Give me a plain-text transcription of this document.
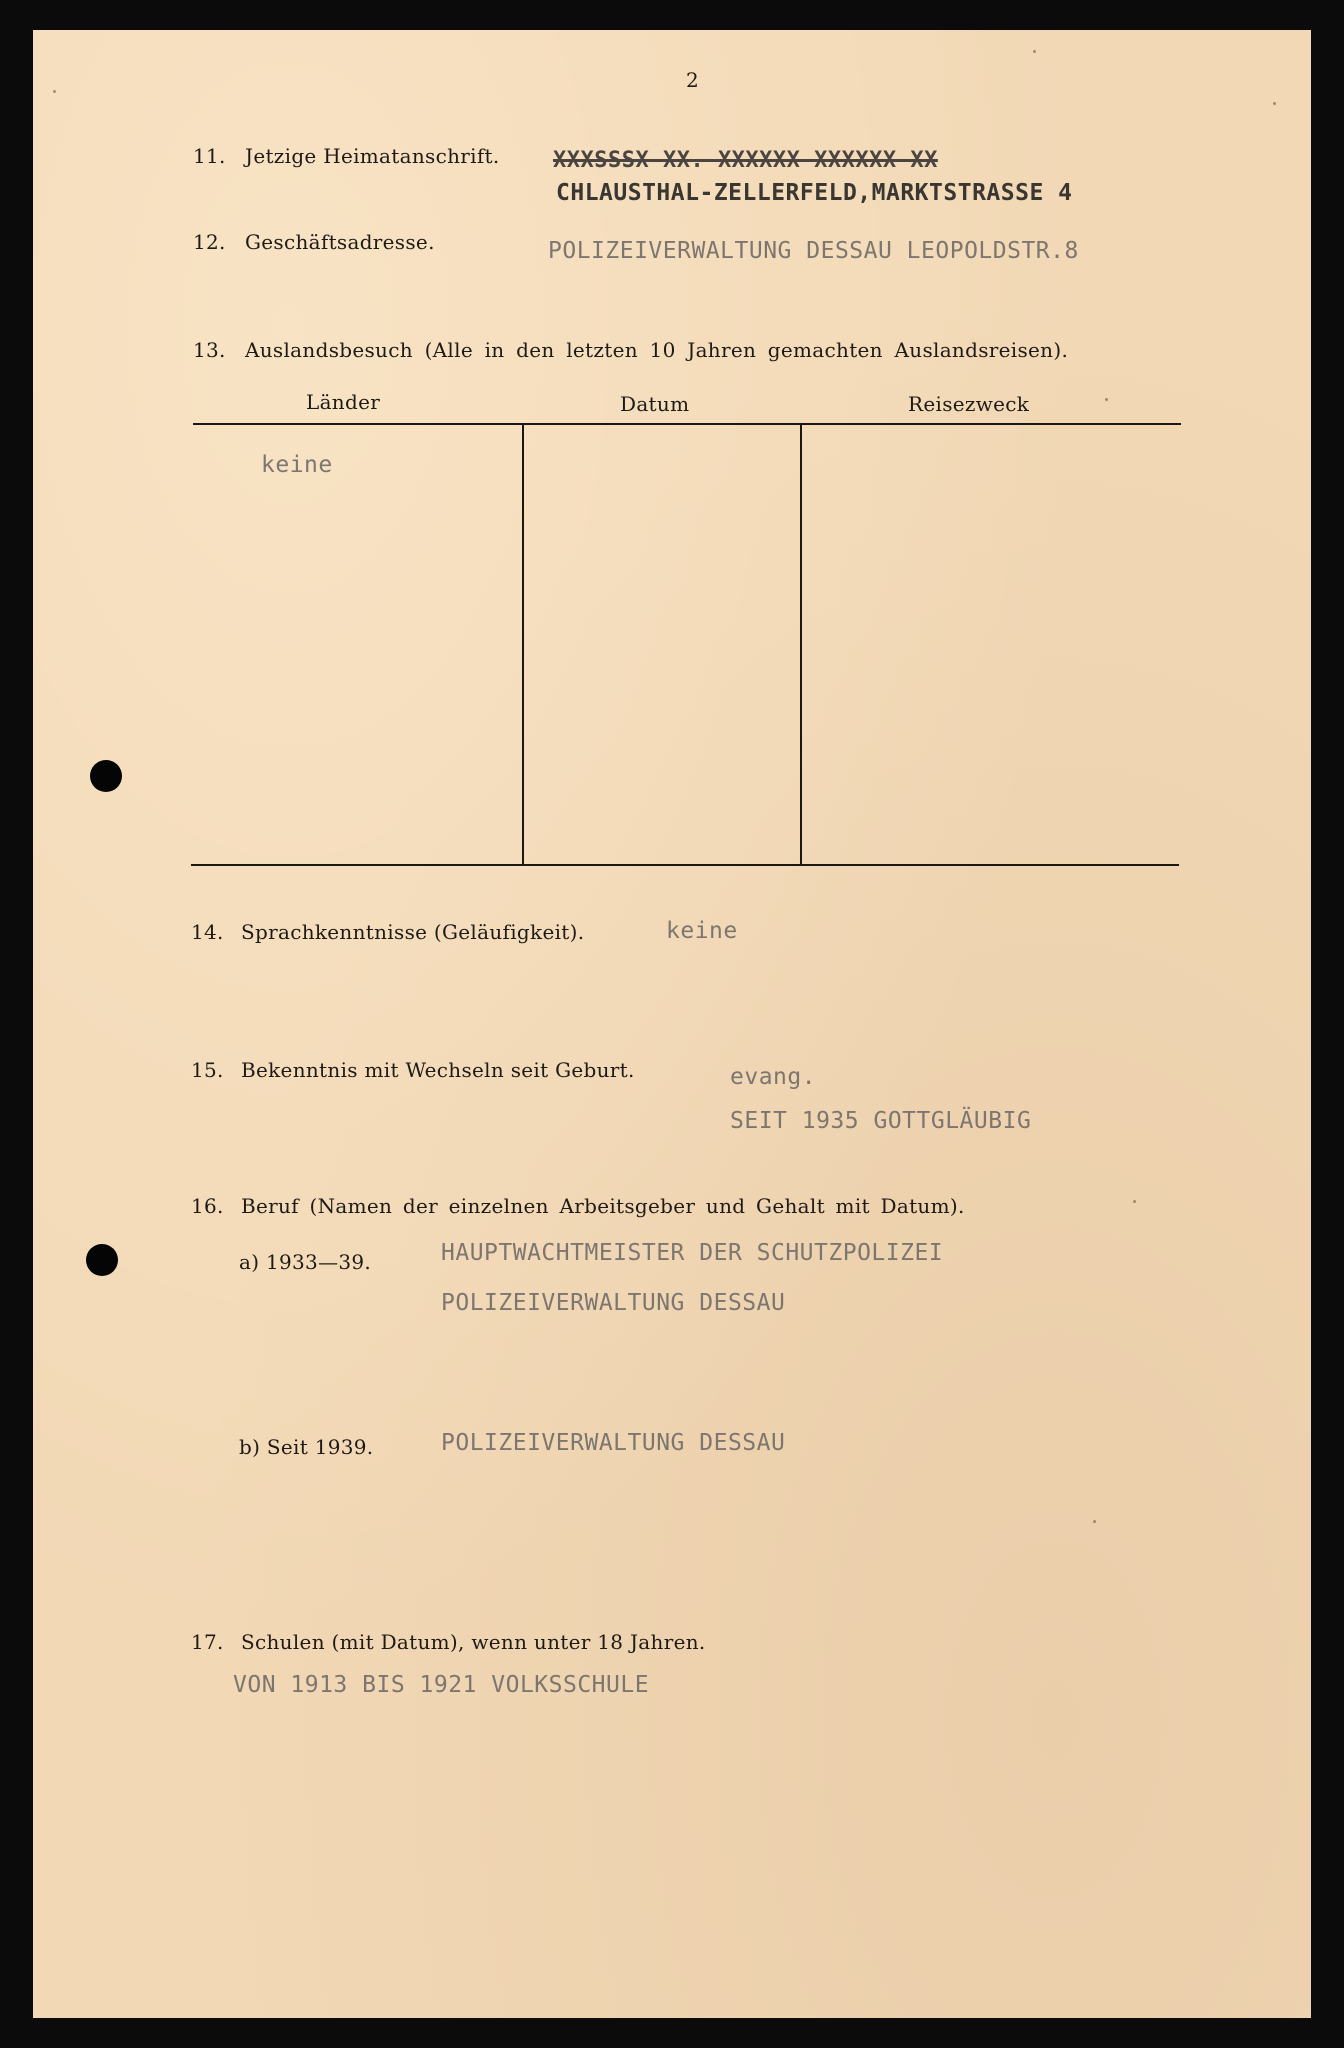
2
11. Jetzige Heimatanschrift. XXXSSSX XX. XXXXXX XXXXXX XX
CHLAUSTHAL-ZELLERFELD,MARKTSTRASSE 4
12. Geschäftsadresse.	POLIZEIVERWALTUNG DESSAU LEOPOLDSTR.8
13. Auslandsbesuch (Alle in den letzten 10 Jahren gemachten Auslandsreisen).
Länder	Datum	Reisezweck
keine
14. Sprachkenntnisse (Geläufigkeit).	keine
15. Bekenntnis mit Wechseln seit Geburt.	evang.
SEIT 1935 GOTTGLÄUBIG
16. Beruf (Namen der einzelnen Arbeitsgeber und Gehalt mit Datum).
a) 1933—39.	HAUPTWACHTMEISTER DER SCHUTZPOLIZEI
POLIZEIVERWALTUNG DESSAU
b) Seit 1939.	POLIZEIVERWALTUNG DESSAU
17. Schulen (mit Datum), wenn unter 18 Jahren.
VON 1913 BIS 1921 VOLKSSCHULE
